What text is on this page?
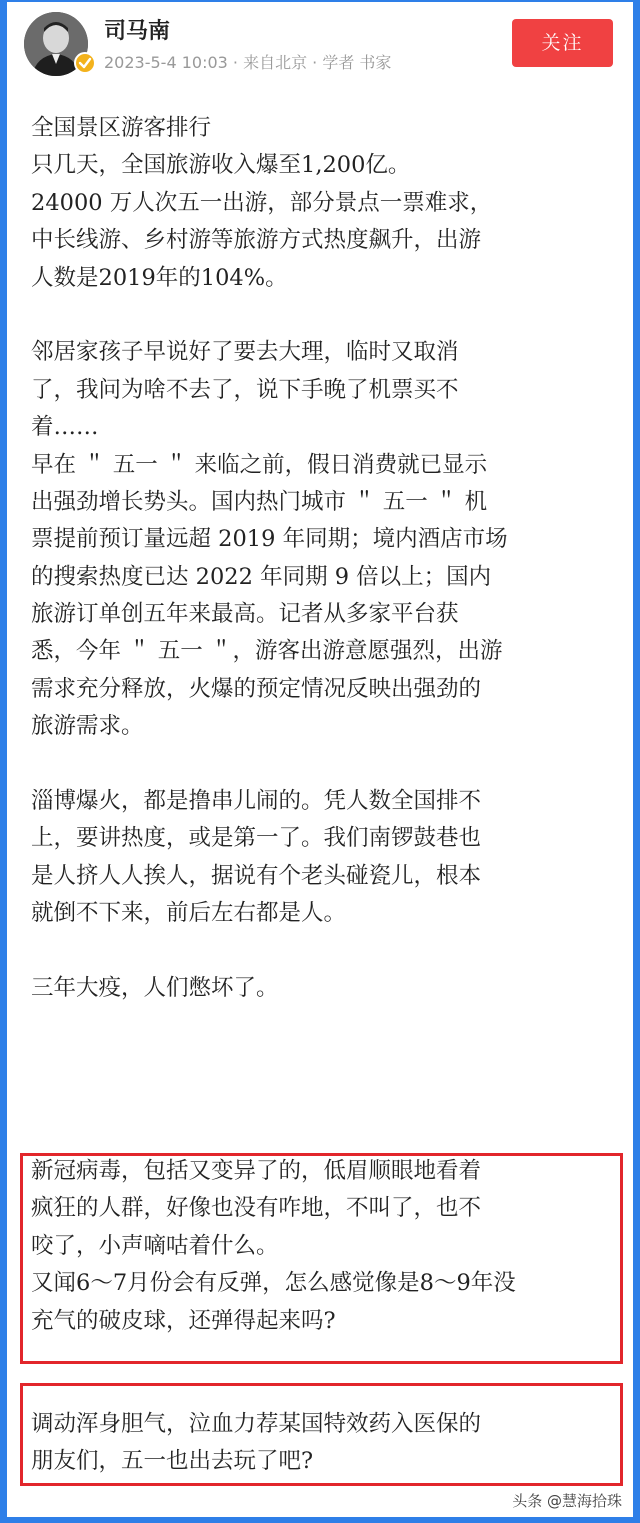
司马南
2023-5-4 10:03 · 来自北京 · 学者 书家
关注
全国景区游客排行
只几天，全国旅游收入爆至1,200亿。
24000 万人次五一出游，部分景点一票难求，
中长线游、乡村游等旅游方式热度飙升，出游
人数是2019年的104%。
邻居家孩子早说好了要去大理，临时又取消
了，我问为啥不去了，说下手晚了机票买不
着……
早在 ＂ 五一 ＂ 来临之前，假日消费就已显示
出强劲增长势头。国内热门城市 ＂ 五一 ＂ 机
票提前预订量远超 2019 年同期；境内酒店市场
的搜索热度已达 2022 年同期 9 倍以上；国内
旅游订单创五年来最高。记者从多家平台获
悉，今年 ＂ 五一 ＂，游客出游意愿强烈，出游
需求充分释放，火爆的预定情况反映出强劲的
旅游需求。
淄博爆火，都是撸串儿闹的。凭人数全国排不
上，要讲热度，或是第一了。我们南锣鼓巷也
是人挤人人挨人，据说有个老头碰瓷儿，根本
就倒不下来，前后左右都是人。
三年大疫，人们憋坏了。
新冠病毒，包括又变异了的，低眉顺眼地看着
疯狂的人群，好像也没有咋地，不叫了，也不
咬了，小声嘀咕着什么。
又闻6～7月份会有反弹，怎么感觉像是8～9年没
充气的破皮球，还弹得起来吗?
调动浑身胆气，泣血力荐某国特效药入医保的
朋友们，五一也出去玩了吧?
头条 @慧海拾珠
